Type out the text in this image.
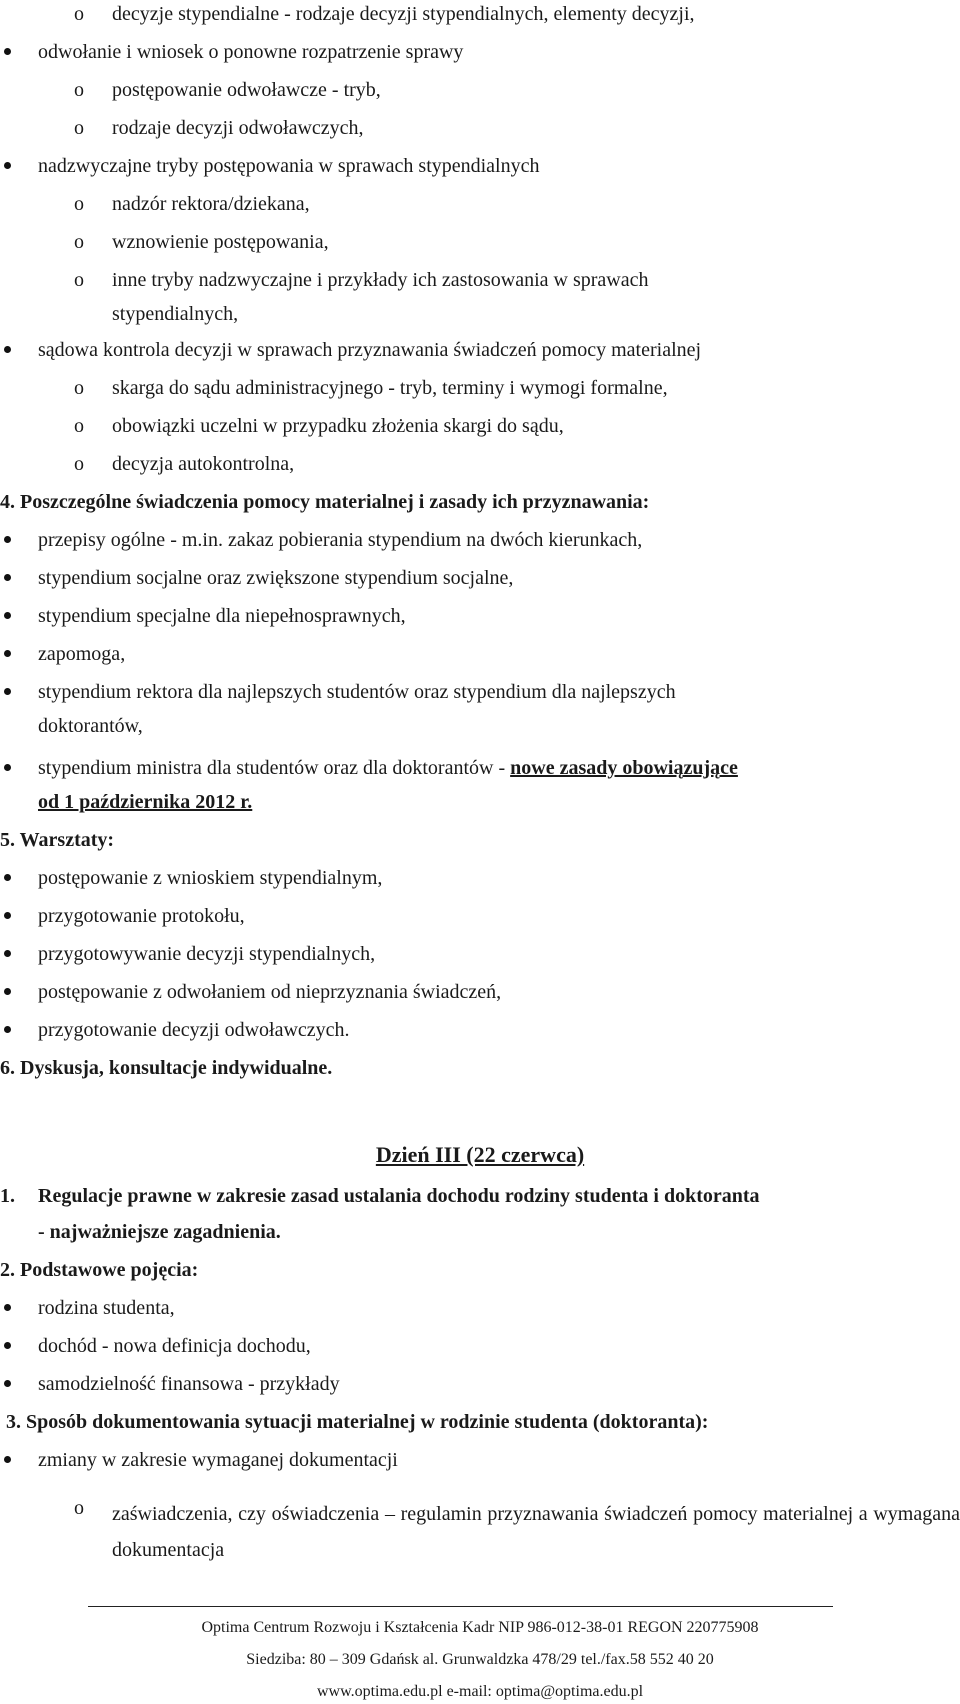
o decyzje stypendialne - rodzaje decyzji stypendialnych, elementy decyzji,
odwołanie i wniosek o ponowne rozpatrzenie sprawy
o postępowanie odwoławcze - tryb,
o rodzaje decyzji odwoławczych,
nadzwyczajne tryby postępowania w sprawach stypendialnych
o nadzór rektora/dziekana,
o wznowienie postępowania,
o inne tryby nadzwyczajne i przykłady ich zastosowania w sprawach
stypendialnych,
sądowa kontrola decyzji w sprawach przyznawania świadczeń pomocy materialnej
o skarga do sądu administracyjnego - tryb, terminy i wymogi formalne,
o obowiązki uczelni w przypadku złożenia skargi do sądu,
o decyzja autokontrolna,
4. Poszczególne świadczenia pomocy materialnej i zasady ich przyznawania:
przepisy ogólne - m.in. zakaz pobierania stypendium na dwóch kierunkach,
stypendium socjalne oraz zwiększone stypendium socjalne,
stypendium specjalne dla niepełnosprawnych,
zapomoga,
stypendium rektora dla najlepszych studentów oraz stypendium dla najlepszych
doktorantów,
stypendium ministra dla studentów oraz dla doktorantów - nowe zasady obowiązujące
od 1 października 2012 r.
5. Warsztaty:
postępowanie z wnioskiem stypendialnym,
przygotowanie protokołu,
przygotowywanie decyzji stypendialnych,
postępowanie z odwołaniem od nieprzyznania świadczeń,
przygotowanie decyzji odwoławczych.
6. Dyskusja, konsultacje indywidualne.
Dzień III (22 czerwca)
1. Regulacje prawne w zakresie zasad ustalania dochodu rodziny studenta i doktoranta
- najważniejsze zagadnienia.
2. Podstawowe pojęcia:
rodzina studenta,
dochód - nowa definicja dochodu,
samodzielność finansowa - przykłady
3. Sposób dokumentowania sytuacji materialnej w rodzinie studenta (doktoranta):
zmiany w zakresie wymaganej dokumentacji
o zaświadczenia, czy oświadczenia – regulamin przyznawania świadczeń pomocy materialnej a wymagana dokumentacja
Optima Centrum Rozwoju i Kształcenia Kadr NIP 986-012-38-01 REGON 220775908
Siedziba: 80 – 309 Gdańsk al. Grunwaldzka 478/29 tel./fax.58 552 40 20
www.optima.edu.pl e-mail: optima@optima.edu.pl
